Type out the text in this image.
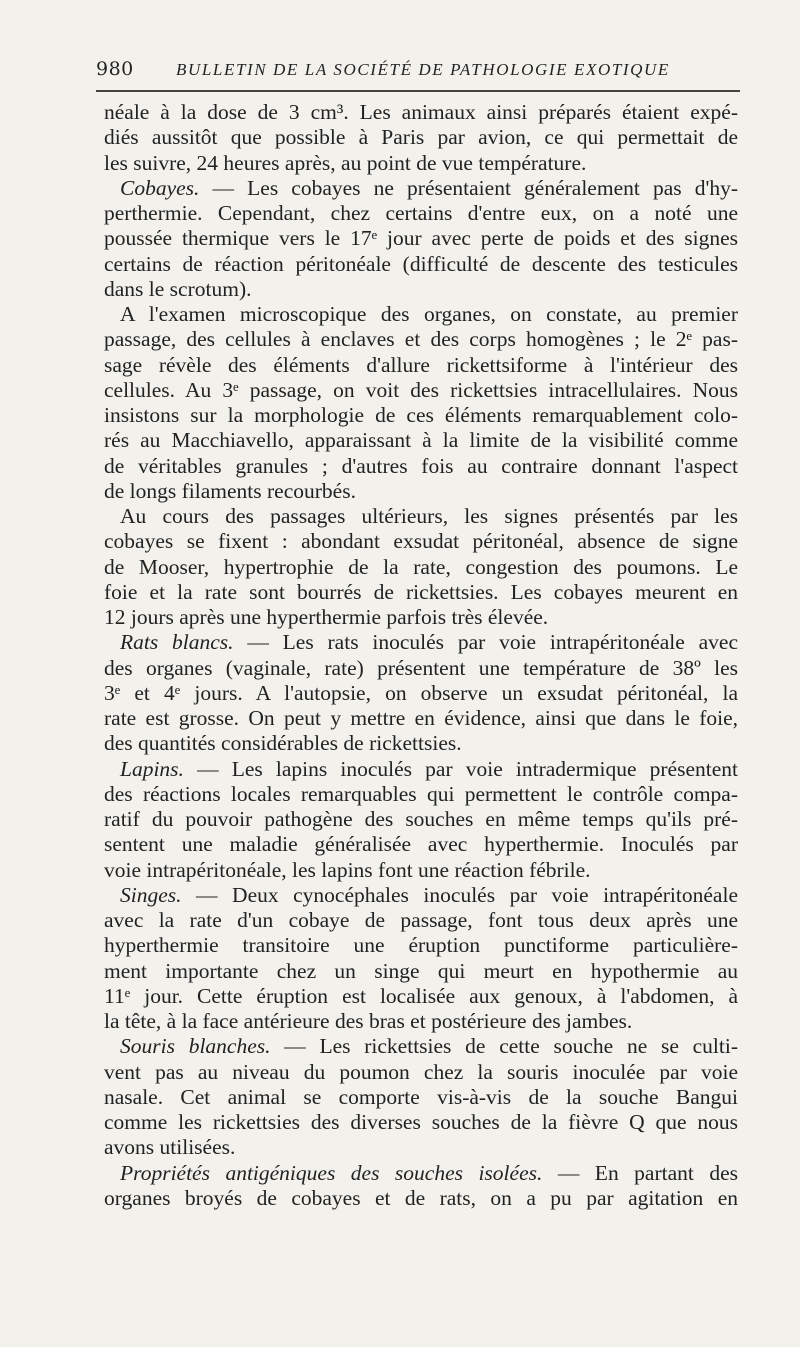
980 BULLETIN DE LA SOCIÉTÉ DE PATHOLOGIE EXOTIQUE
néale à la dose de 3 cm³. Les animaux ainsi préparés étaient expé-
diés aussitôt que possible à Paris par avion, ce qui permettait de
les suivre, 24 heures après, au point de vue température.
Cobayes. — Les cobayes ne présentaient généralement pas d'hy-
perthermie. Cependant, chez certains d'entre eux, on a noté une
poussée thermique vers le 17ᵉ jour avec perte de poids et des signes
certains de réaction péritonéale (difficulté de descente des testicules
dans le scrotum).
A l'examen microscopique des organes, on constate, au premier
passage, des cellules à enclaves et des corps homogènes ; le 2ᵉ pas-
sage révèle des éléments d'allure rickettsiforme à l'intérieur des
cellules. Au 3ᵉ passage, on voit des rickettsies intracellulaires. Nous
insistons sur la morphologie de ces éléments remarquablement colo-
rés au Macchiavello, apparaissant à la limite de la visibilité comme
de véritables granules ; d'autres fois au contraire donnant l'aspect
de longs filaments recourbés.
Au cours des passages ultérieurs, les signes présentés par les
cobayes se fixent : abondant exsudat péritonéal, absence de signe
de Mooser, hypertrophie de la rate, congestion des poumons. Le
foie et la rate sont bourrés de rickettsies. Les cobayes meurent en
12 jours après une hyperthermie parfois très élevée.
Rats blancs. — Les rats inoculés par voie intrapéritonéale avec
des organes (vaginale, rate) présentent une température de 38º les
3ᵉ et 4ᵉ jours. A l'autopsie, on observe un exsudat péritonéal, la
rate est grosse. On peut y mettre en évidence, ainsi que dans le foie,
des quantités considérables de rickettsies.
Lapins. — Les lapins inoculés par voie intradermique présentent
des réactions locales remarquables qui permettent le contrôle compa-
ratif du pouvoir pathogène des souches en même temps qu'ils pré-
sentent une maladie généralisée avec hyperthermie. Inoculés par
voie intrapéritonéale, les lapins font une réaction fébrile.
Singes. — Deux cynocéphales inoculés par voie intrapéritonéale
avec la rate d'un cobaye de passage, font tous deux après une
hyperthermie transitoire une éruption punctiforme particulière-
ment importante chez un singe qui meurt en hypothermie au
11ᵉ jour. Cette éruption est localisée aux genoux, à l'abdomen, à
la tête, à la face antérieure des bras et postérieure des jambes.
Souris blanches. — Les rickettsies de cette souche ne se culti-
vent pas au niveau du poumon chez la souris inoculée par voie
nasale. Cet animal se comporte vis-à-vis de la souche Bangui
comme les rickettsies des diverses souches de la fièvre Q que nous
avons utilisées.
Propriétés antigéniques des souches isolées. — En partant des
organes broyés de cobayes et de rats, on a pu par agitation en
